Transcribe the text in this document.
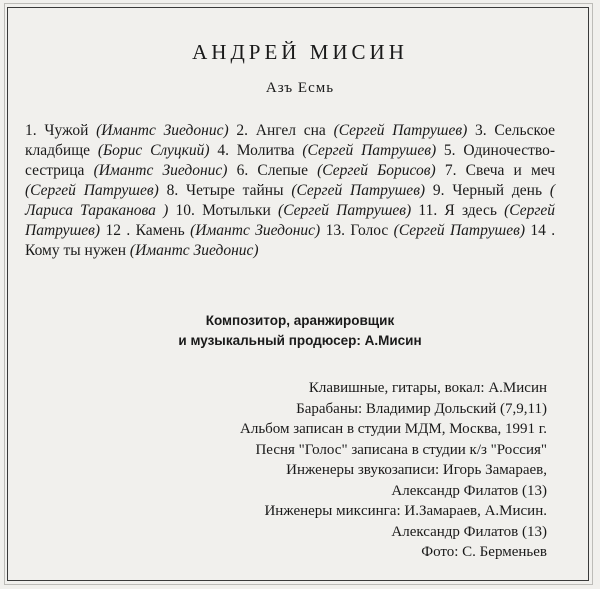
АНДРЕЙ МИСИН
Азъ Есмь
1. Чужой (Имантс Зиедонис) 2. Ангел сна (Сергей Патрушев) 3. Сельское кладбище (Борис Слуцкий) 4. Молитва (Сергей Патрушев) 5. Одиночество-сестрица (Имантс Зиедонис) 6. Слепые (Сергей Борисов) 7. Свеча и меч (Сергей Патрушев) 8. Четыре тайны (Сергей Патрушев) 9. Черный день ( Лариса Тараканова ) 10. Мотыльки (Сергей Патрушев) 11. Я здесь (Сергей Патрушев) 12 . Камень (Имантс Зиедонис) 13. Голос (Сергей Патрушев) 14 . Кому ты нужен (Имантс Зиедонис)
Композитор, аранжировщик
и музыкальный продюсер: А.Мисин
Клавишные, гитары, вокал: А.Мисин
Барабаны: Владимир Дольский (7,9,11)
Альбом записан в студии МДМ, Москва, 1991 г.
Песня "Голос" записана в студии к/з "Россия"
Инженеры звукозаписи: Игорь Замараев,
Александр Филатов (13)
Инженеры микcинга: И.Замараев, А.Мисин.
Александр Филатов (13)
Фото: С. Берменьев
